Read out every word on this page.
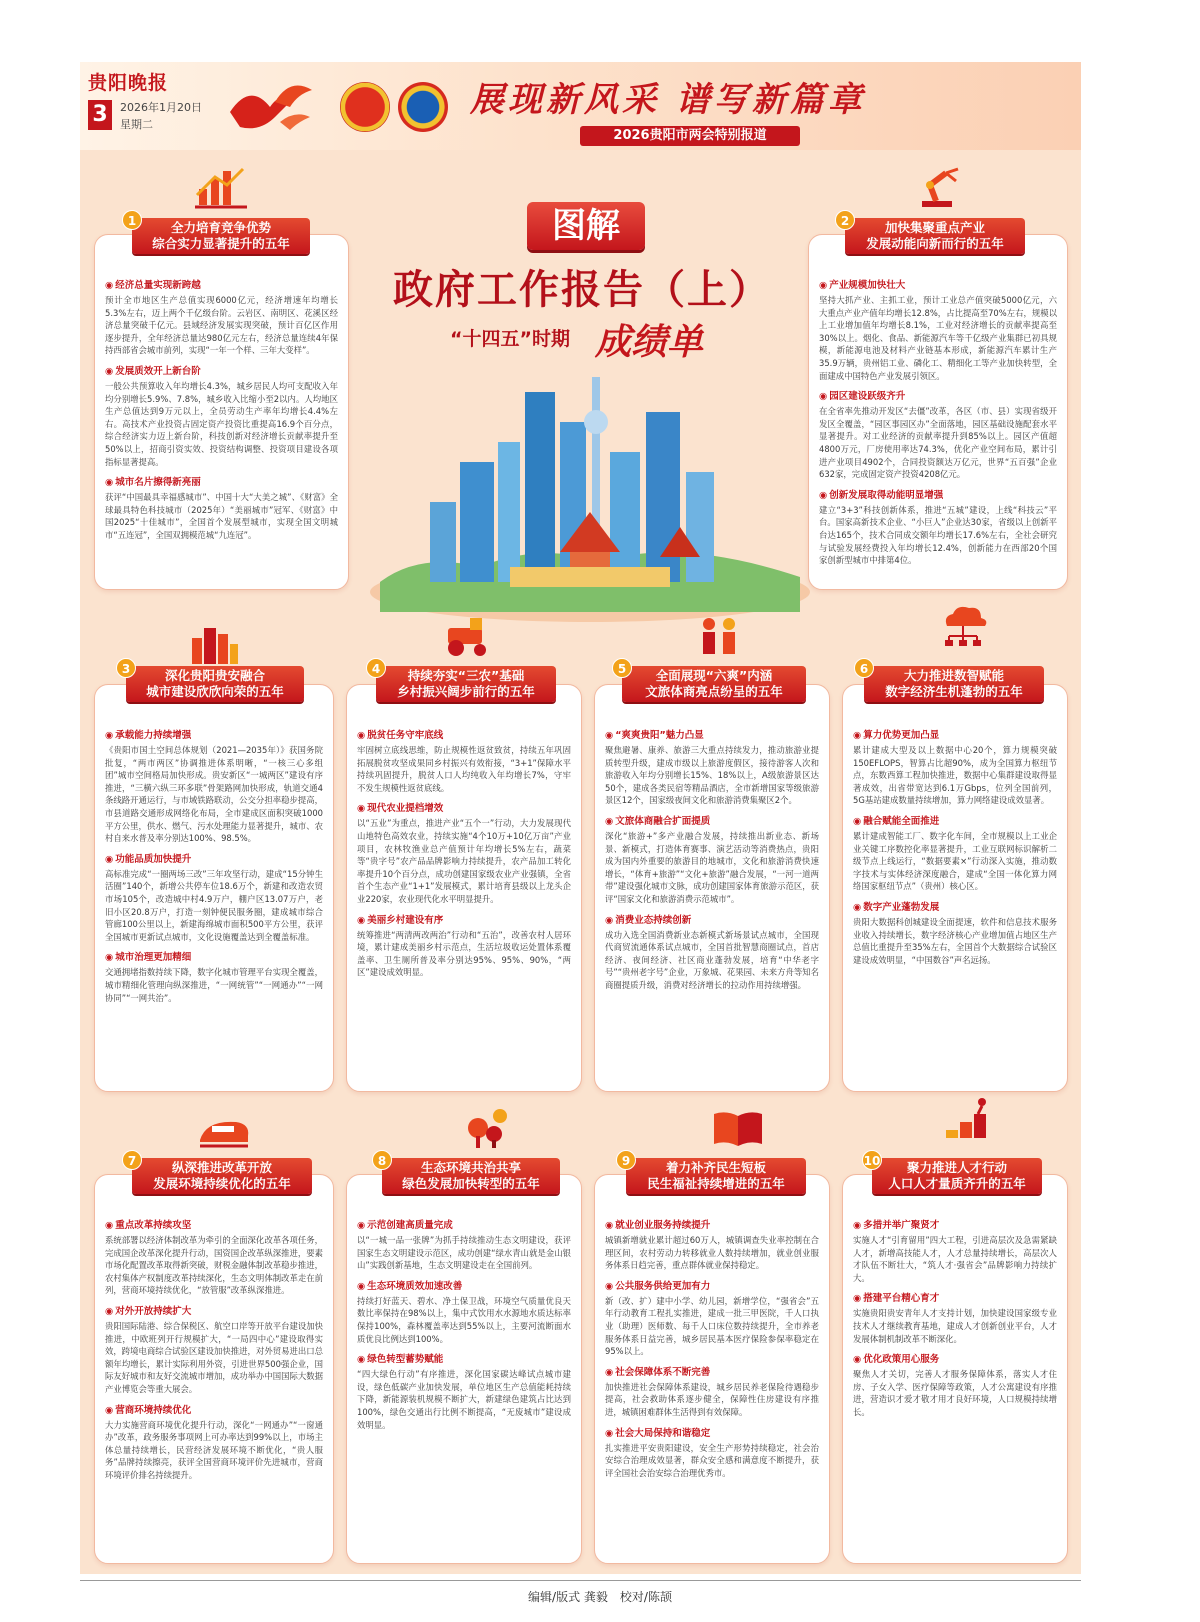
贵阳晚报
3	2026年1月20日
星期二
展现新风采 谱写新篇章
2026贵阳市两会特别报道
图解
政府工作报告（上）
“十四五”时期 成绩单
◉ 经济总量实现新跨越
预计全市地区生产总值实现6000亿元，经济增速年均增长5.3%左右，迈上两个千亿级台阶。云岩区、南明区、花溪区经济总量突破千亿元。县域经济发展实现突破，预计百亿区作用逐步提升，全年经济总量达980亿元左右，经济总量连续4年保持西部省会城市前列，实现“一年一个样、三年大变样”。
◉ 发展质效开上新台阶
一般公共预算收入年均增长4.3%，城乡居民人均可支配收入年均分别增长5.9%、7.8%，城乡收入比缩小至2以内。人均地区生产总值达到9万元以上，全员劳动生产率年均增长4.4%左右。高技术产业投资占固定资产投资比重提高16.9个百分点，综合经济实力迈上新台阶，科技创新对经济增长贡献率提升至50%以上，招商引资实效、投资结构调整、投资项目建设各项指标显著提高。
◉ 城市名片擦得新亮丽
获评“中国最具幸福感城市”、中国十大“大美之城”、《财富》全球最具特色科技城市（2025年）“美丽城市”冠军、《财富》中国2025“十佳城市”，全国首个发展型城市，实现全国文明城市“五连冠”，全国双拥模范城“九连冠”。
1	全力培育竞争优势
综合实力显著提升的五年
◉ 产业规模加快壮大
坚持大抓产业、主抓工业，预计工业总产值突破5000亿元，六大重点产业产值年均增长12.8%，占比提高至70%左右，规模以上工业增加值年均增长8.1%，工业对经济增长的贡献率提高至30%以上。烟化、食品、新能源汽车等千亿级产业集群已初具规模，新能源电池及材料产业链基本形成，新能源汽车累计生产35.9万辆，贵州铝工业、磷化工、精细化工等产业加快转型，全面建成中国特色产业发展引领区。
◉ 园区建设跃级齐升
在全省率先推动开发区“去僵”改革，各区（市、县）实现省级开发区全覆盖，“园区事园区办”全面落地，园区基础设施配套水平显著提升。对工业经济的贡献率提升到85%以上。园区产值超4800万元，厂房使用率达74.3%，优化产业空间布局，累计引进产业项目4902个，合同投资额达万亿元，世界“五百强”企业632家，完成固定资产投资4208亿元。
◉ 创新发展取得动能明显增强
建立“3+3”科技创新体系，推进“五城”建设，上线“科技云”平台。国家高新技术企业、“小巨人”企业达30家，省级以上创新平台达165个，技术合同成交额年均增长17.6%左右，全社会研究与试验发展经费投入年均增长12.4%，创新能力在西部20个国家创新型城市中排第4位。
2	加快集聚重点产业
发展动能向新而行的五年
◉ 承载能力持续增强
《贵阳市国土空间总体规划（2021—2035年）》获国务院批复，“两市两区”协调推进体系明晰，“一核三心多组团”城市空间格局加快形成。贵安新区“一城两区”建设有序推进，“三横六纵三环多联”骨架路网加快形成，轨道交通4条线路开通运行，与市域铁路联动，公交分担率稳步提高，市县道路交通形成网络化布局，全市建成区面积突破1000平方公里，供水、燃气、污水处理能力显著提升，城市、农村自来水普及率分别达100%、98.5%。
◉ 功能品质加快提升
高标准完成“一圈两场三改”三年攻坚行动，建成“15分钟生活圈”140个，新增公共停车位18.6万个，新建和改造农贸市场105个，改造城中村4.9万户，棚户区13.07万户，老旧小区20.8万户，打造一刻钟便民服务圈，建成城市综合管廊100公里以上，新建海绵城市面积500平方公里，获评全国城市更新试点城市，文化设施覆盖达到全覆盖标准。
◉ 城市治理更加精细
交通拥堵指数持续下降，数字化城市管理平台实现全覆盖，城市精细化管理向纵深推进，“一网统管”“一网通办”“一网协同”“一网共治”。
3	深化贵阳贵安融合
城市建设欣欣向荣的五年
◉ 脱贫任务守牢底线
牢固树立底线思维，防止规模性返贫致贫，持续五年巩固拓展脱贫攻坚成果同乡村振兴有效衔接，“3+1”保障水平持续巩固提升，脱贫人口人均纯收入年均增长7%，守牢不发生规模性返贫底线。
◉ 现代农业提档增效
以“五业”为重点，推进产业“五个一”行动，大力发展现代山地特色高效农业，持续实施“4个10万+10亿万亩”产业项目，农林牧渔业总产值预计年均增长5%左右，蔬菜等“贵字号”农产品品牌影响力持续提升，农产品加工转化率提升10个百分点，成功创建国家级农业产业强镇，全省首个生态产业“1+1”发展模式，累计培育县级以上龙头企业220家，农业现代化水平明显提升。
◉ 美丽乡村建设有序
统筹推进“两清两改两治”行动和“五治”，改善农村人居环境，累计建成美丽乡村示范点，生活垃圾收运处置体系覆盖率、卫生厕所普及率分别达95%、95%、90%，“两区”建设成效明显。
4	持续夯实“三农”基础
乡村振兴阔步前行的五年
◉ “爽爽贵阳”魅力凸显
聚焦避暑、康养、旅游三大重点持续发力，推动旅游业提质转型升级，建成市级以上旅游度假区，接待游客人次和旅游收入年均分别增长15%、18%以上，A级旅游景区达50个，建成各类民宿等精品酒店，全市新增国家等级旅游景区12个，国家级夜间文化和旅游消费集聚区2个。
◉ 文旅体商融合扩面提质
深化“旅游+”多产业融合发展，持续推出新业态、新场景、新模式，打造体育赛事、演艺活动等消费热点，贵阳成为国内外重要的旅游目的地城市，文化和旅游消费快速增长，“体育+旅游”“文化+旅游”融合发展，“一河一道两带”建设强化城市文脉，成功创建国家体育旅游示范区，获评“国家文化和旅游消费示范城市”。
◉ 消费业态持续创新
成功入选全国消费新业态新模式新场景试点城市，全国现代商贸流通体系试点城市，全国首批智慧商圈试点，首店经济、夜间经济、社区商业蓬勃发展，培育“中华老字号”“贵州老字号”企业，万象城、花果园、未来方舟等知名商圈提质升级，消费对经济增长的拉动作用持续增强。
5	全面展现“六爽”内涵
文旅体商亮点纷呈的五年
◉ 算力优势更加凸显
累计建成大型及以上数据中心20个，算力规模突破150EFLOPS，智算占比超90%，成为全国算力枢纽节点，东数西算工程加快推进，数据中心集群建设取得显著成效，出省带宽达到6.1万Gbps，位列全国前列，5G基站建成数量持续增加，算力网络建设成效显著。
◉ 融合赋能全面推进
累计建成智能工厂、数字化车间，全市规模以上工业企业关键工序数控化率显著提升，工业互联网标识解析二级节点上线运行，“数据要素×”行动深入实施，推动数字技术与实体经济深度融合，建成“全国一体化算力网络国家枢纽节点”（贵州）核心区。
◉ 数字产业蓬勃发展
贵阳大数据科创城建设全面提速，软件和信息技术服务业收入持续增长，数字经济核心产业增加值占地区生产总值比重提升至35%左右，全国首个大数据综合试验区建设成效明显，“中国数谷”声名远扬。
6	大力推进数智赋能
数字经济生机蓬勃的五年
◉ 重点改革持续攻坚
系统部署以经济体制改革为牵引的全面深化改革各项任务，完成国企改革深化提升行动，国资国企改革纵深推进，要素市场化配置改革取得新突破，财税金融体制改革稳步推进，农村集体产权制度改革持续深化，生态文明体制改革走在前列，营商环境持续优化，“放管服”改革纵深推进。
◉ 对外开放持续扩大
贵阳国际陆港、综合保税区、航空口岸等开放平台建设加快推进，中欧班列开行规模扩大，“一局四中心”建设取得实效，跨境电商综合试验区建设加快推进，对外贸易进出口总额年均增长，累计实际利用外资，引进世界500强企业，国际友好城市和友好交流城市增加，成功举办中国国际大数据产业博览会等重大展会。
◉ 营商环境持续优化
大力实施营商环境优化提升行动，深化“一网通办”“一窗通办”改革，政务服务事项网上可办率达到99%以上，市场主体总量持续增长，民营经济发展环境不断优化，“贵人服务”品牌持续擦亮，获评全国营商环境评价先进城市，营商环境评价排名持续提升。
7	纵深推进改革开放
发展环境持续优化的五年
◉ 示范创建高质量完成
以“一城一品一张牌”为抓手持续推动生态文明建设，获评国家生态文明建设示范区，成功创建“绿水青山就是金山银山”实践创新基地，生态文明建设走在全国前列。
◉ 生态环境质效加速改善
持续打好蓝天、碧水、净土保卫战，环境空气质量优良天数比率保持在98%以上，集中式饮用水水源地水质达标率保持100%，森林覆盖率达到55%以上，主要河流断面水质优良比例达到100%。
◉ 绿色转型蓄势赋能
“四大绿色行动”有序推进，深化国家碳达峰试点城市建设，绿色低碳产业加快发展，单位地区生产总值能耗持续下降，新能源装机规模不断扩大，新建绿色建筑占比达到100%，绿色交通出行比例不断提高，“无废城市”建设成效明显。
8	生态环境共治共享
绿色发展加快转型的五年
◉ 就业创业服务持续提升
城镇新增就业累计超过60万人，城镇调查失业率控制在合理区间，农村劳动力转移就业人数持续增加，就业创业服务体系日趋完善，重点群体就业保持稳定。
◉ 公共服务供给更加有力
新（改、扩）建中小学、幼儿园，新增学位，“强省会”五年行动教育工程扎实推进，建成一批三甲医院，千人口执业（助理）医师数、每千人口床位数持续提升，全市养老服务体系日益完善，城乡居民基本医疗保险参保率稳定在95%以上。
◉ 社会保障体系不断完善
加快推进社会保障体系建设，城乡居民养老保险待遇稳步提高，社会救助体系逐步健全，保障性住房建设有序推进，城镇困难群体生活得到有效保障。
◉ 社会大局保持和谐稳定
扎实推进平安贵阳建设，安全生产形势持续稳定，社会治安综合治理成效显著，群众安全感和满意度不断提升，获评全国社会治安综合治理优秀市。
9	着力补齐民生短板
民生福祉持续增进的五年
◉ 多措并举广聚贤才
实施人才“引育留用”四大工程，引进高层次及急需紧缺人才，新增高技能人才，人才总量持续增长，高层次人才队伍不断壮大，“筑人才·强省会”品牌影响力持续扩大。
◉ 搭建平台精心育才
实施贵阳贵安青年人才支持计划，加快建设国家级专业技术人才继续教育基地，建成人才创新创业平台，人才发展体制机制改革不断深化。
◉ 优化政策用心服务
聚焦人才关切，完善人才服务保障体系，落实人才住房、子女入学、医疗保障等政策，人才公寓建设有序推进，营造识才爱才敬才用才良好环境，人口规模持续增长。
10	聚力推进人才行动
人口人才量质齐升的五年
编辑/版式 龚毅　校对/陈颉
